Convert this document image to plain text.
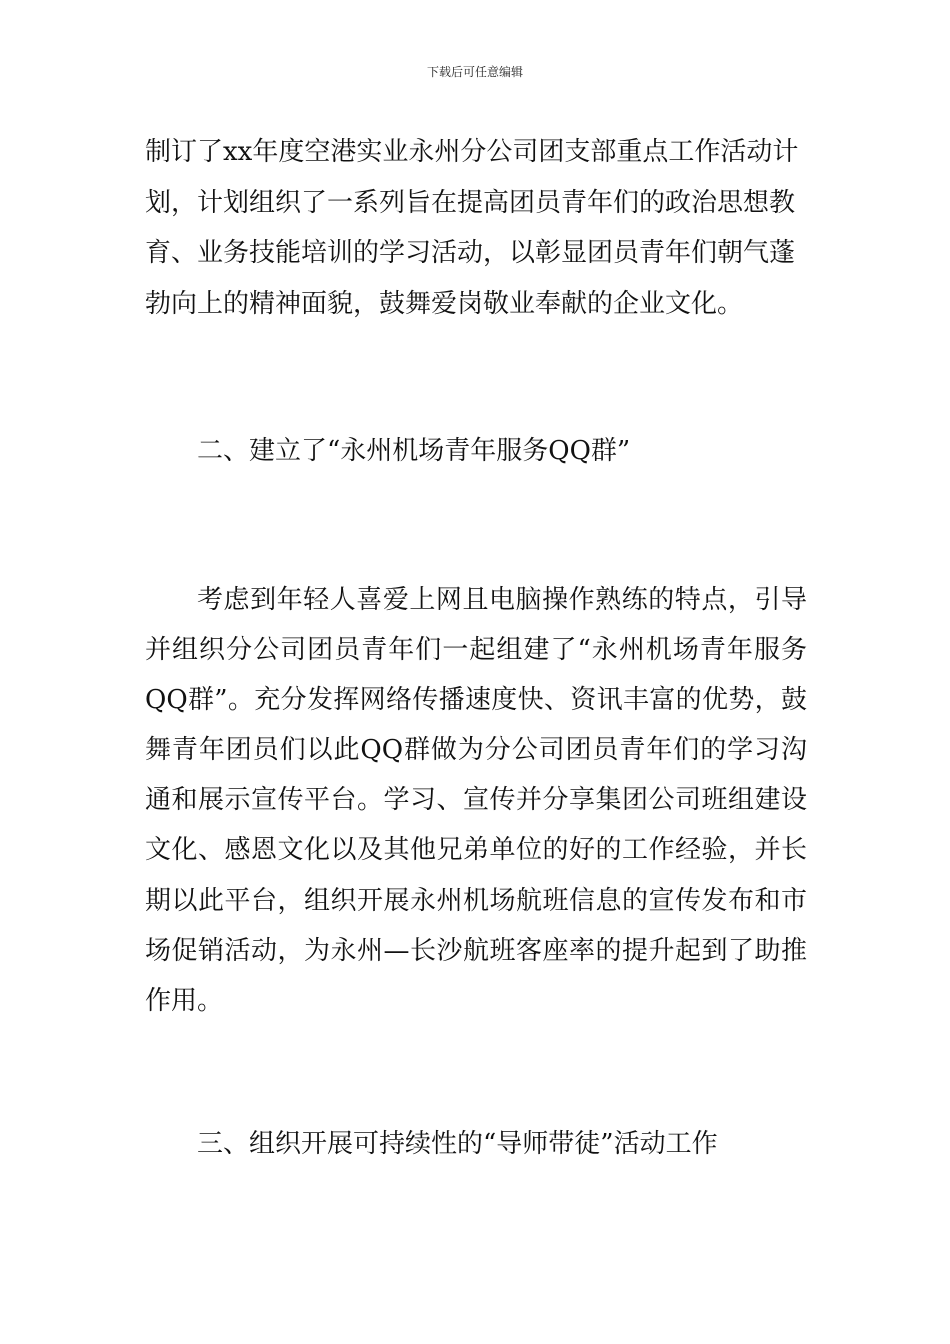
下载后可任意编辑
制订了xx年度空港实业永州分公司团支部重点工作活动计
划，计划组织了一系列旨在提高团员青年们的政治思想教
育、业务技能培训的学习活动，以彰显团员青年们朝气蓬
勃向上的精神面貌，鼓舞爱岗敬业奉献的企业文化。
二、建立了“永州机场青年服务QQ群”

考虑到年轻人喜爱上网且电脑操作熟练的特点，引导并组织分公司团员青年们一起组建了“永州机场青年服务QQ群”。充分发挥网络传播速度快、资讯丰富的优势，鼓舞青年团员们以此QQ群做为分公司团员青年们的学习沟通和展示宣传平台。学习、宣传并分享集团公司班组建设文化、感恩文化以及其他兄弟单位的好的工作经验，并长期以此平台，组织开展永州机场航班信息的宣传发布和市场促销活动，为永州—长沙航班客座率的提升起到了助推作用。

三、组织开展可持续性的“导师带徒”活动工作
